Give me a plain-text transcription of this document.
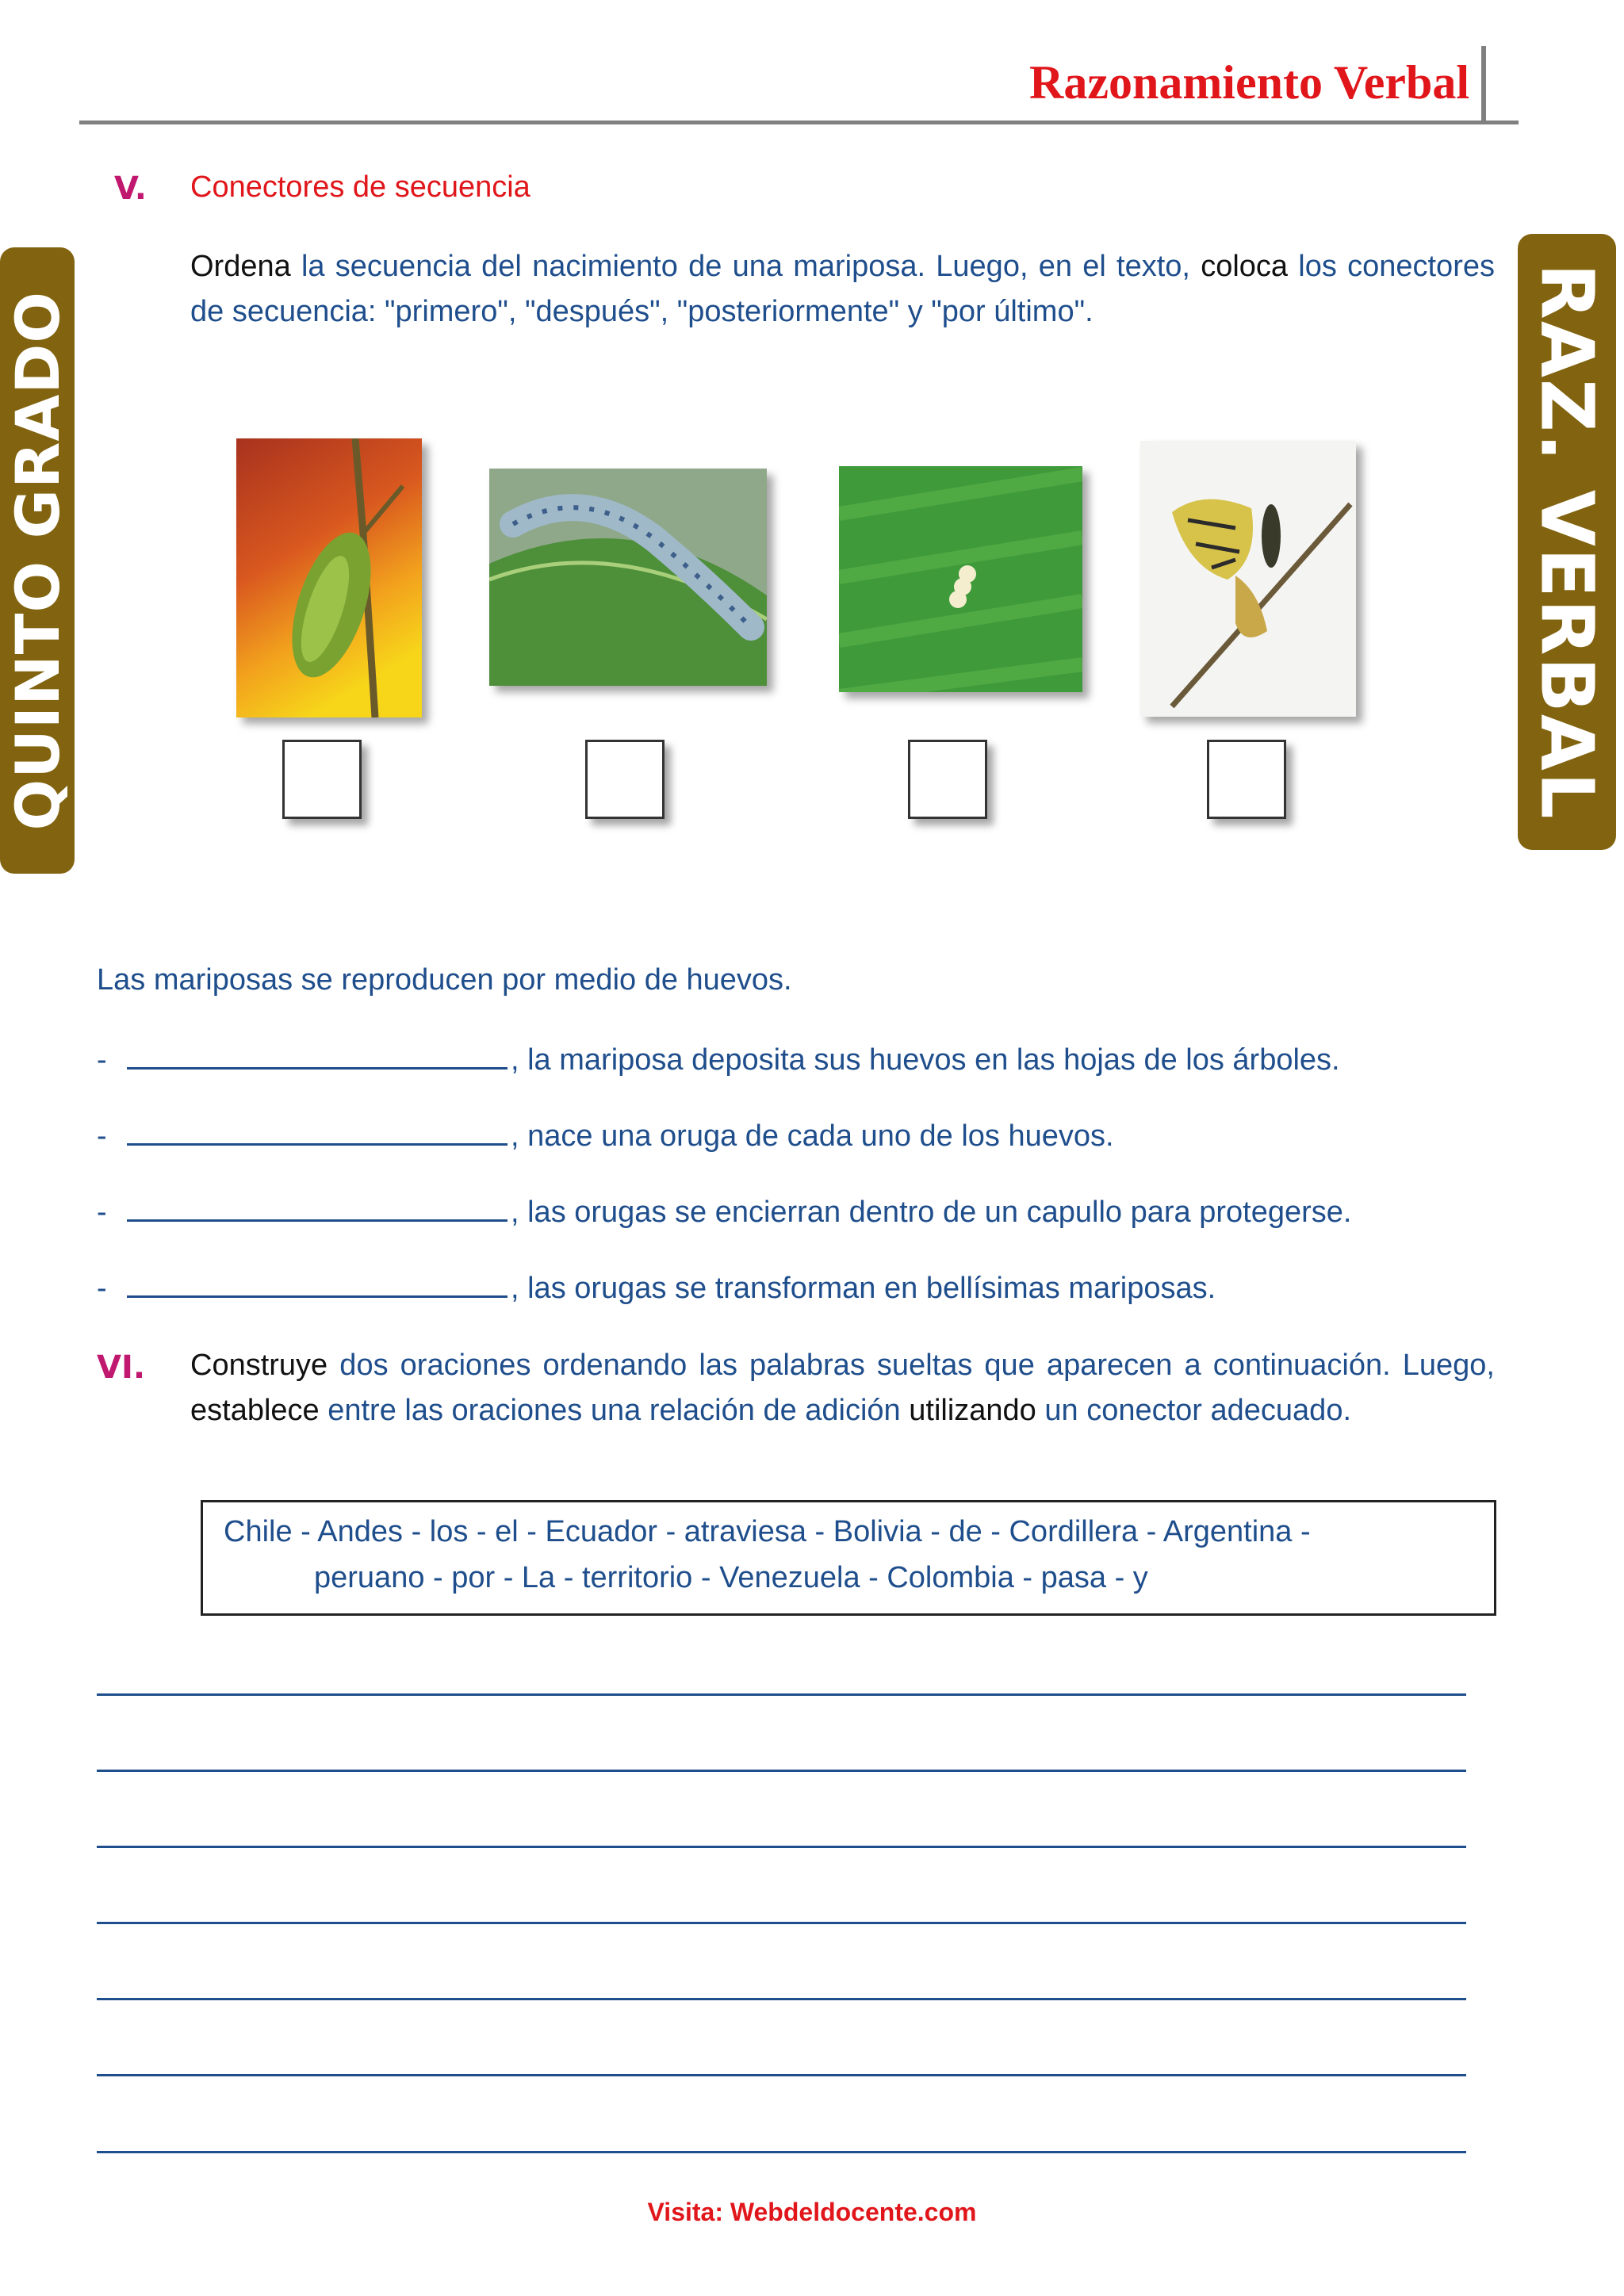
Razonamiento Verbal
QUINTO GRADO	RAZ. VERBAL
V. Conectores de secuencia
Ordena la secuencia del nacimiento de una mariposa. Luego, en el texto, coloca los conectores de secuencia: "primero", "después", "posteriormente" y "por último".
Las mariposas se reproducen por medio de huevos.
-	, la mariposa deposita sus huevos en las hojas de los árboles.
-	, nace una oruga de cada uno de los huevos.
-	, las orugas se encierran dentro de un capullo para protegerse.
-	, las orugas se transforman en bellísimas mariposas.
VI. Construye dos oraciones ordenando las palabras sueltas que aparecen a continuación. Luego, establece entre las oraciones una relación de adición utilizando un conector adecuado.
Chile - Andes - los - el - Ecuador - atraviesa - Bolivia - de - Cordillera - Argentina -
peruano - por - La - territorio - Venezuela - Colombia - pasa - y
Visita: Webdeldocente.com
